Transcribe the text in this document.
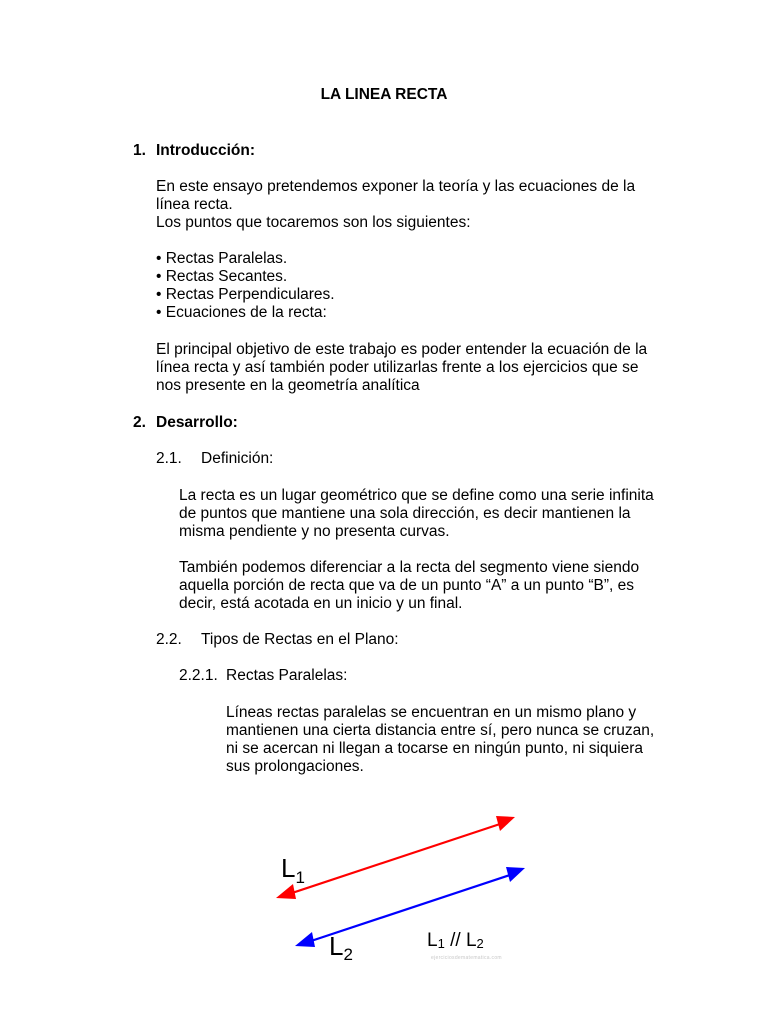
LA LINEA RECTA
1. Introducción:
En este ensayo pretendemos exponer la teoría y las ecuaciones de la
línea recta.
Los puntos que tocaremos son los siguientes:
• Rectas Paralelas.
• Rectas Secantes.
• Rectas Perpendiculares.
• Ecuaciones de la recta:
El principal objetivo de este trabajo es poder entender la ecuación de la
línea recta y así también poder utilizarlas frente a los ejercicios que se
nos presente en la geometría analítica
2. Desarrollo:
2.1. Definición:
La recta es un lugar geométrico que se define como una serie infinita
de puntos que mantiene una sola dirección, es decir mantienen la
misma pendiente y no presenta curvas.
También podemos diferenciar a la recta del segmento viene siendo
aquella porción de recta que va de un punto “A” a un punto “B”, es
decir, está acotada en un inicio y un final.
2.2. Tipos de Rectas en el Plano:
2.2.1. Rectas Paralelas:
Líneas rectas paralelas se encuentran en un mismo plano y
mantienen una cierta distancia entre sí, pero nunca se cruzan,
ni se acercan ni llegan a tocarse en ningún punto, ni siquiera
sus prolongaciones.
$L_1$
L2
L1 // L2
ejerciciosdematematica.com
